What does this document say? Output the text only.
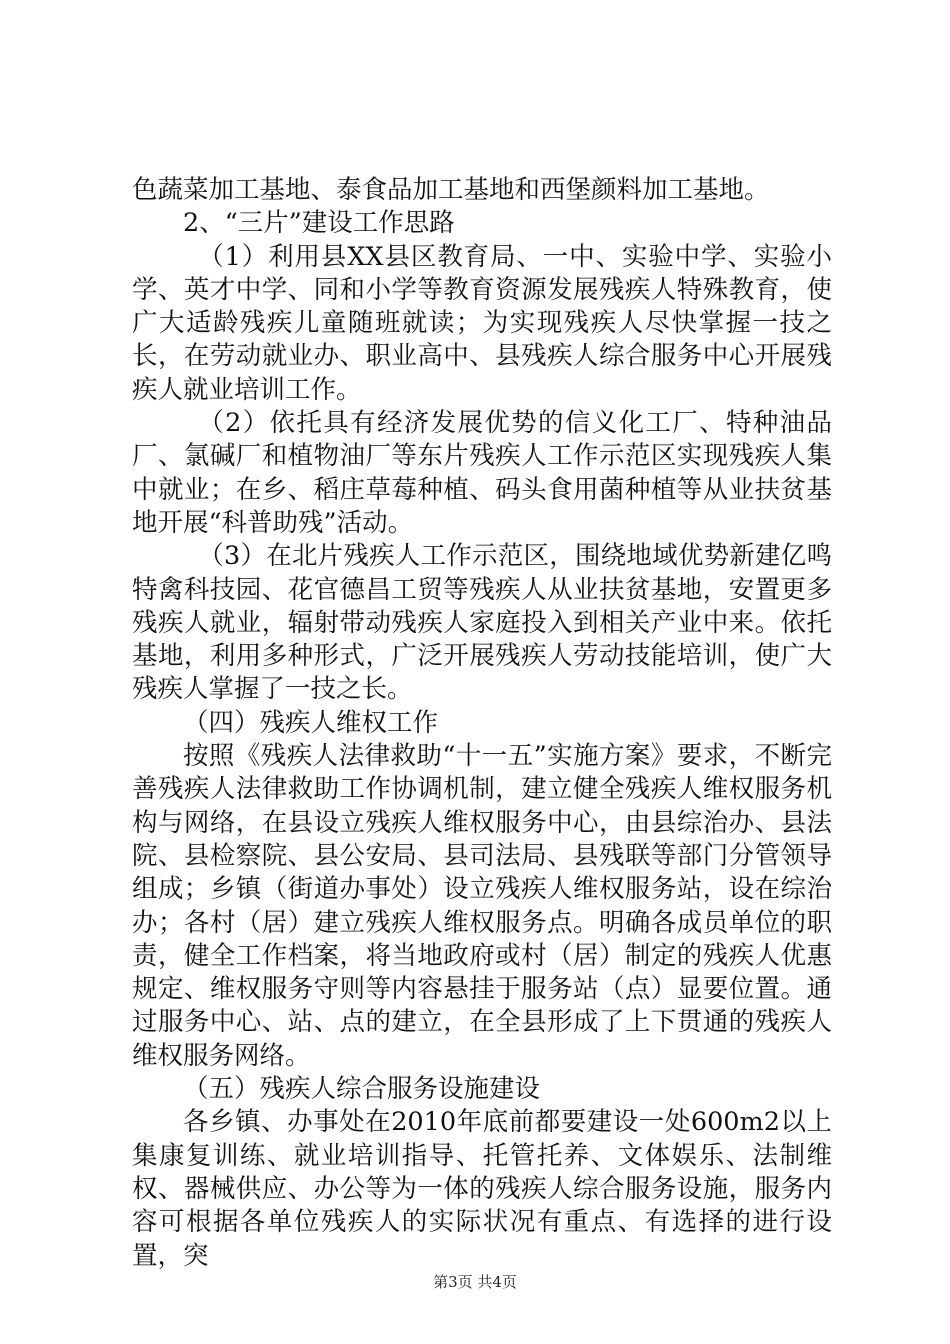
色蔬菜加工基地、泰食品加工基地和西堡颜料加工基地。

2、“三片”建设工作思路

（1）利用县XX县区教育局、一中、实验中学、实验小学、英才中学、同和小学等教育资源发展残疾人特殊教育，使广大适龄残疾儿童随班就读；为实现残疾人尽快掌握一技之长，在劳动就业办、职业高中、县残疾人综合服务中心开展残疾人就业培训工作。

（2）依托具有经济发展优势的信义化工厂、特种油品厂、氯碱厂和植物油厂等东片残疾人工作示范区实现残疾人集中就业；在乡、稻庄草莓种植、码头食用菌种植等从业扶贫基地开展“科普助残”活动。

（3）在北片残疾人工作示范区，围绕地域优势新建亿鸣特禽科技园、花官德昌工贸等残疾人从业扶贫基地，安置更多残疾人就业，辐射带动残疾人家庭投入到相关产业中来。依托基地，利用多种形式，广泛开展残疾人劳动技能培训，使广大残疾人掌握了一技之长。

（四）残疾人维权工作

按照《残疾人法律救助“十一五”实施方案》要求，不断完善残疾人法律救助工作协调机制，建立健全残疾人维权服务机构与网络，在县设立残疾人维权服务中心，由县综治办、县法院、县检察院、县公安局、县司法局、县残联等部门分管领导组成；乡镇（街道办事处）设立残疾人维权服务站，设在综治办；各村（居）建立残疾人维权服务点。明确各成员单位的职责，健全工作档案，将当地政府或村（居）制定的残疾人优惠规定、维权服务守则等内容悬挂于服务站（点）显要位置。通过服务中心、站、点的建立，在全县形成了上下贯通的残疾人维权服务网络。

（五）残疾人综合服务设施建设

各乡镇、办事处在2010年底前都要建设一处600m2以上集康复训练、就业培训指导、托管托养、文体娱乐、法制维权、器械供应、办公等为一体的残疾人综合服务设施，服务内容可根据各单位残疾人的实际状况有重点、有选择的进行设置，突

第3页 共4页
